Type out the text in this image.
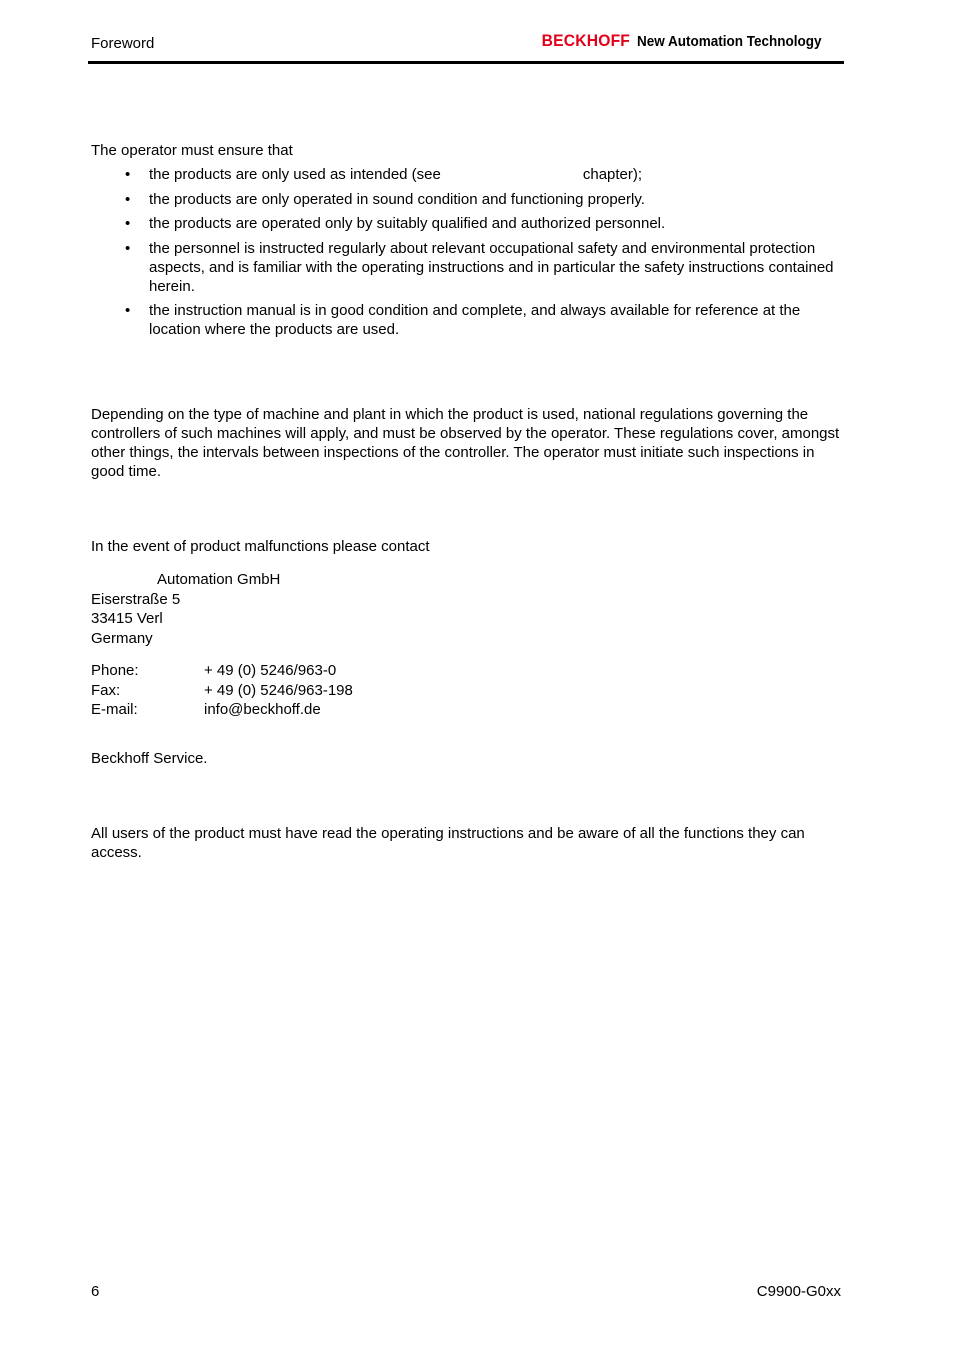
Foreword	BECKHOFF New Automation Technology
The operator must ensure that
• the products are only used as intended (see	chapter);
• the products are only operated in sound condition and functioning properly.
• the products are operated only by suitably qualified and authorized personnel.
• the personnel is instructed regularly about relevant occupational safety and environmental protection aspects, and is familiar with the operating instructions and in particular the safety instructions contained herein.
• the instruction manual is in good condition and complete, and always available for reference at the location where the products are used.
Depending on the type of machine and plant in which the product is used, national regulations governing the controllers of such machines will apply, and must be observed by the operator. These regulations cover, amongst other things, the intervals between inspections of the controller. The operator must initiate such inspections in good time.
In the event of product malfunctions please contact
Automation GmbH
Eiserstraße 5
33415 Verl
Germany
Phone:	+ 49 (0) 5246/963-0
Fax:	+ 49 (0) 5246/963-198
E-mail:	info@beckhoff.de
Beckhoff Service.
All users of the product must have read the operating instructions and be aware of all the functions they can access.
6	C9900-G0xx
